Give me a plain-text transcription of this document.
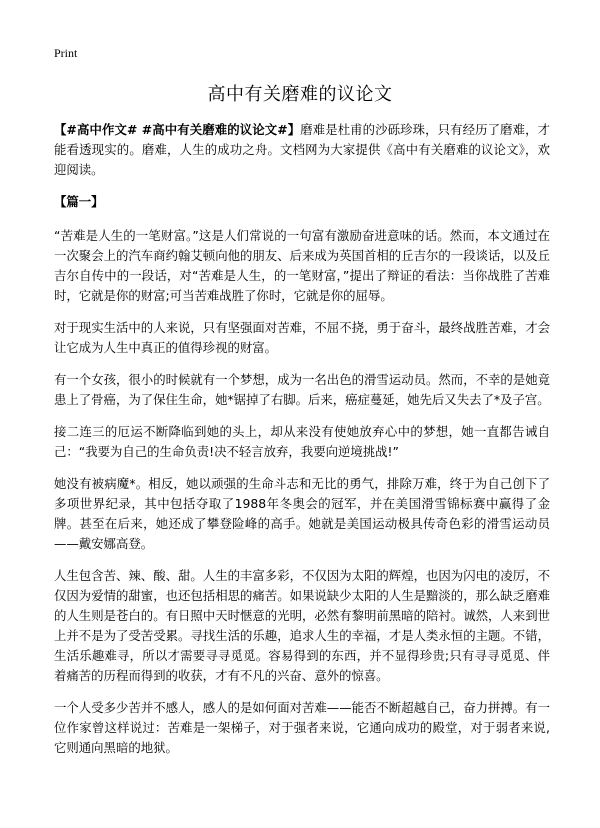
Print
高中有关磨难的议论文

【#高中作文# #高中有关磨难的议论文#】磨难是杜甫的沙砾珍珠，只有经历了磨难，才能看透现实的。磨难，人生的成功之舟。文档网为大家提供《高中有关磨难的议论文》，欢迎阅读。

【篇一】

“苦难是人生的一笔财富。”这是人们常说的一句富有激励奋进意味的话。然而，本文通过在一次聚会上的汽车商约翰艾顿向他的朋友、后来成为英国首相的丘吉尔的一段谈话，以及丘吉尔自传中的一段话，对“苦难是人生，的一笔财富，”提出了辩证的看法：当你战胜了苦难时，它就是你的财富;可当苦难战胜了你时，它就是你的屈辱。

对于现实生活中的人来说，只有坚强面对苦难，不屈不挠，勇于奋斗，最终战胜苦难，才会让它成为人生中真正的值得珍视的财富。

有一个女孩，很小的时候就有一个梦想，成为一名出色的滑雪运动员。然而，不幸的是她竟患上了骨癌，为了保住生命，她*锯掉了右脚。后来，癌症蔓延，她先后又失去了*及子宫。

接二连三的厄运不断降临到她的头上，却从来没有使她放弃心中的梦想，她一直都告诫自己：“我要为自己的生命负责!决不轻言放弃，我要向逆境挑战!”

她没有被病魔*。相反，她以顽强的生命斗志和无比的勇气，排除万难，终于为自己创下了多项世界纪录，其中包括夺取了1988年冬奥会的冠军，并在美国滑雪锦标赛中赢得了金牌。甚至在后来，她还成了攀登险峰的高手。她就是美国运动极具传奇色彩的滑雪运动员——戴安娜高登。

人生包含苦、辣、酸、甜。人生的丰富多彩，不仅因为太阳的辉煌，也因为闪电的凌厉，不仅因为爱情的甜蜜，也还包括相思的痛苦。如果说缺少太阳的人生是黯淡的，那么缺乏磨难的人生则是苍白的。有日照中天时惬意的光明，必然有黎明前黑暗的陪衬。诚然，人来到世上并不是为了受苦受累。寻找生活的乐趣，追求人生的幸福，才是人类永恒的主题。不错，生活乐趣难寻，所以才需要寻寻觅觅。容易得到的东西，并不显得珍贵;只有寻寻觅觅、伴着痛苦的历程而得到的收获，才有不凡的兴奋、意外的惊喜。

一个人受多少苦并不感人，感人的是如何面对苦难——能否不断超越自己，奋力拼搏。有一位作家曾这样说过：苦难是一架梯子，对于强者来说，它通向成功的殿堂，对于弱者来说,它则通向黑暗的地狱。
